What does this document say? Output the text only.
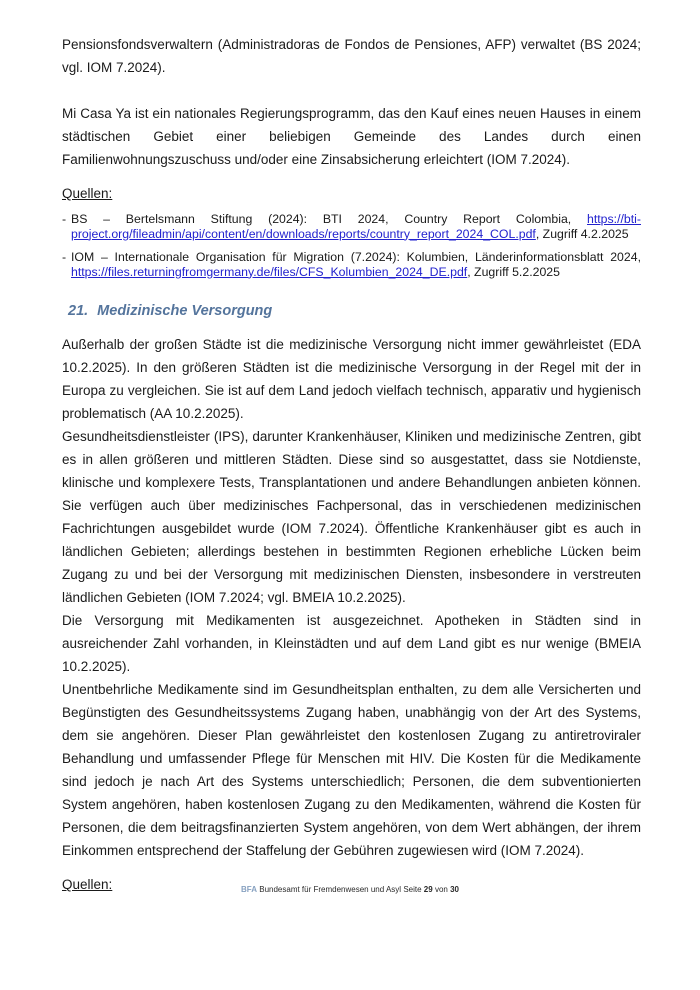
Pensionsfondsverwaltern (Administradoras de Fondos de Pensiones, AFP) verwaltet (BS 2024; vgl. IOM 7.2024).

Mi Casa Ya ist ein nationales Regierungsprogramm, das den Kauf eines neuen Hauses in einem städtischen Gebiet einer beliebigen Gemeinde des Landes durch einen Familienwohnungszuschuss und/oder eine Zinsabsicherung erleichtert (IOM 7.2024).

Quellen:
- BS – Bertelsmann Stiftung (2024): BTI 2024, Country Report Colombia, https://bti-project.org/fileadmin/api/content/en/downloads/reports/country_report_2024_COL.pdf, Zugriff 4.2.2025
- IOM – Internationale Organisation für Migration (7.2024): Kolumbien, Länderinformationsblatt 2024, https://files.returningfromgermany.de/files/CFS_Kolumbien_2024_DE.pdf, Zugriff 5.2.2025
21. Medizinische Versorgung

Außerhalb der großen Städte ist die medizinische Versorgung nicht immer gewährleistet (EDA 10.2.2025). In den größeren Städten ist die medizinische Versorgung in der Regel mit der in Europa zu vergleichen. Sie ist auf dem Land jedoch vielfach technisch, apparativ und hygienisch problematisch (AA 10.2.2025).

Gesundheitsdienstleister (IPS), darunter Krankenhäuser, Kliniken und medizinische Zentren, gibt es in allen größeren und mittleren Städten. Diese sind so ausgestattet, dass sie Notdienste, klinische und komplexere Tests, Transplantationen und andere Behandlungen anbieten können. Sie verfügen auch über medizinisches Fachpersonal, das in verschiedenen medizinischen Fachrichtungen ausgebildet wurde (IOM 7.2024). Öffentliche Krankenhäuser gibt es auch in ländlichen Gebieten; allerdings bestehen in bestimmten Regionen erhebliche Lücken beim Zugang zu und bei der Versorgung mit medizinischen Diensten, insbesondere in verstreuten ländlichen Gebieten (IOM 7.2024; vgl. BMEIA 10.2.2025).

Die Versorgung mit Medikamenten ist ausgezeichnet. Apotheken in Städten sind in ausreichender Zahl vorhanden, in Kleinstädten und auf dem Land gibt es nur wenige (BMEIA 10.2.2025).

Unentbehrliche Medikamente sind im Gesundheitsplan enthalten, zu dem alle Versicherten und Begünstigten des Gesundheitssystems Zugang haben, unabhängig von der Art des Systems, dem sie angehören. Dieser Plan gewährleistet den kostenlosen Zugang zu antiretroviraler Behandlung und umfassender Pflege für Menschen mit HIV. Die Kosten für die Medikamente sind jedoch je nach Art des Systems unterschiedlich; Personen, die dem subventionierten System angehören, haben kostenlosen Zugang zu den Medikamenten, während die Kosten für Personen, die dem beitragsfinanzierten System angehören, von dem Wert abhängen, der ihrem Einkommen entsprechend der Staffelung der Gebühren zugewiesen wird (IOM 7.2024).

Quellen:	BFA Bundesamt für Fremdenwesen und Asyl Seite 29 von 30
